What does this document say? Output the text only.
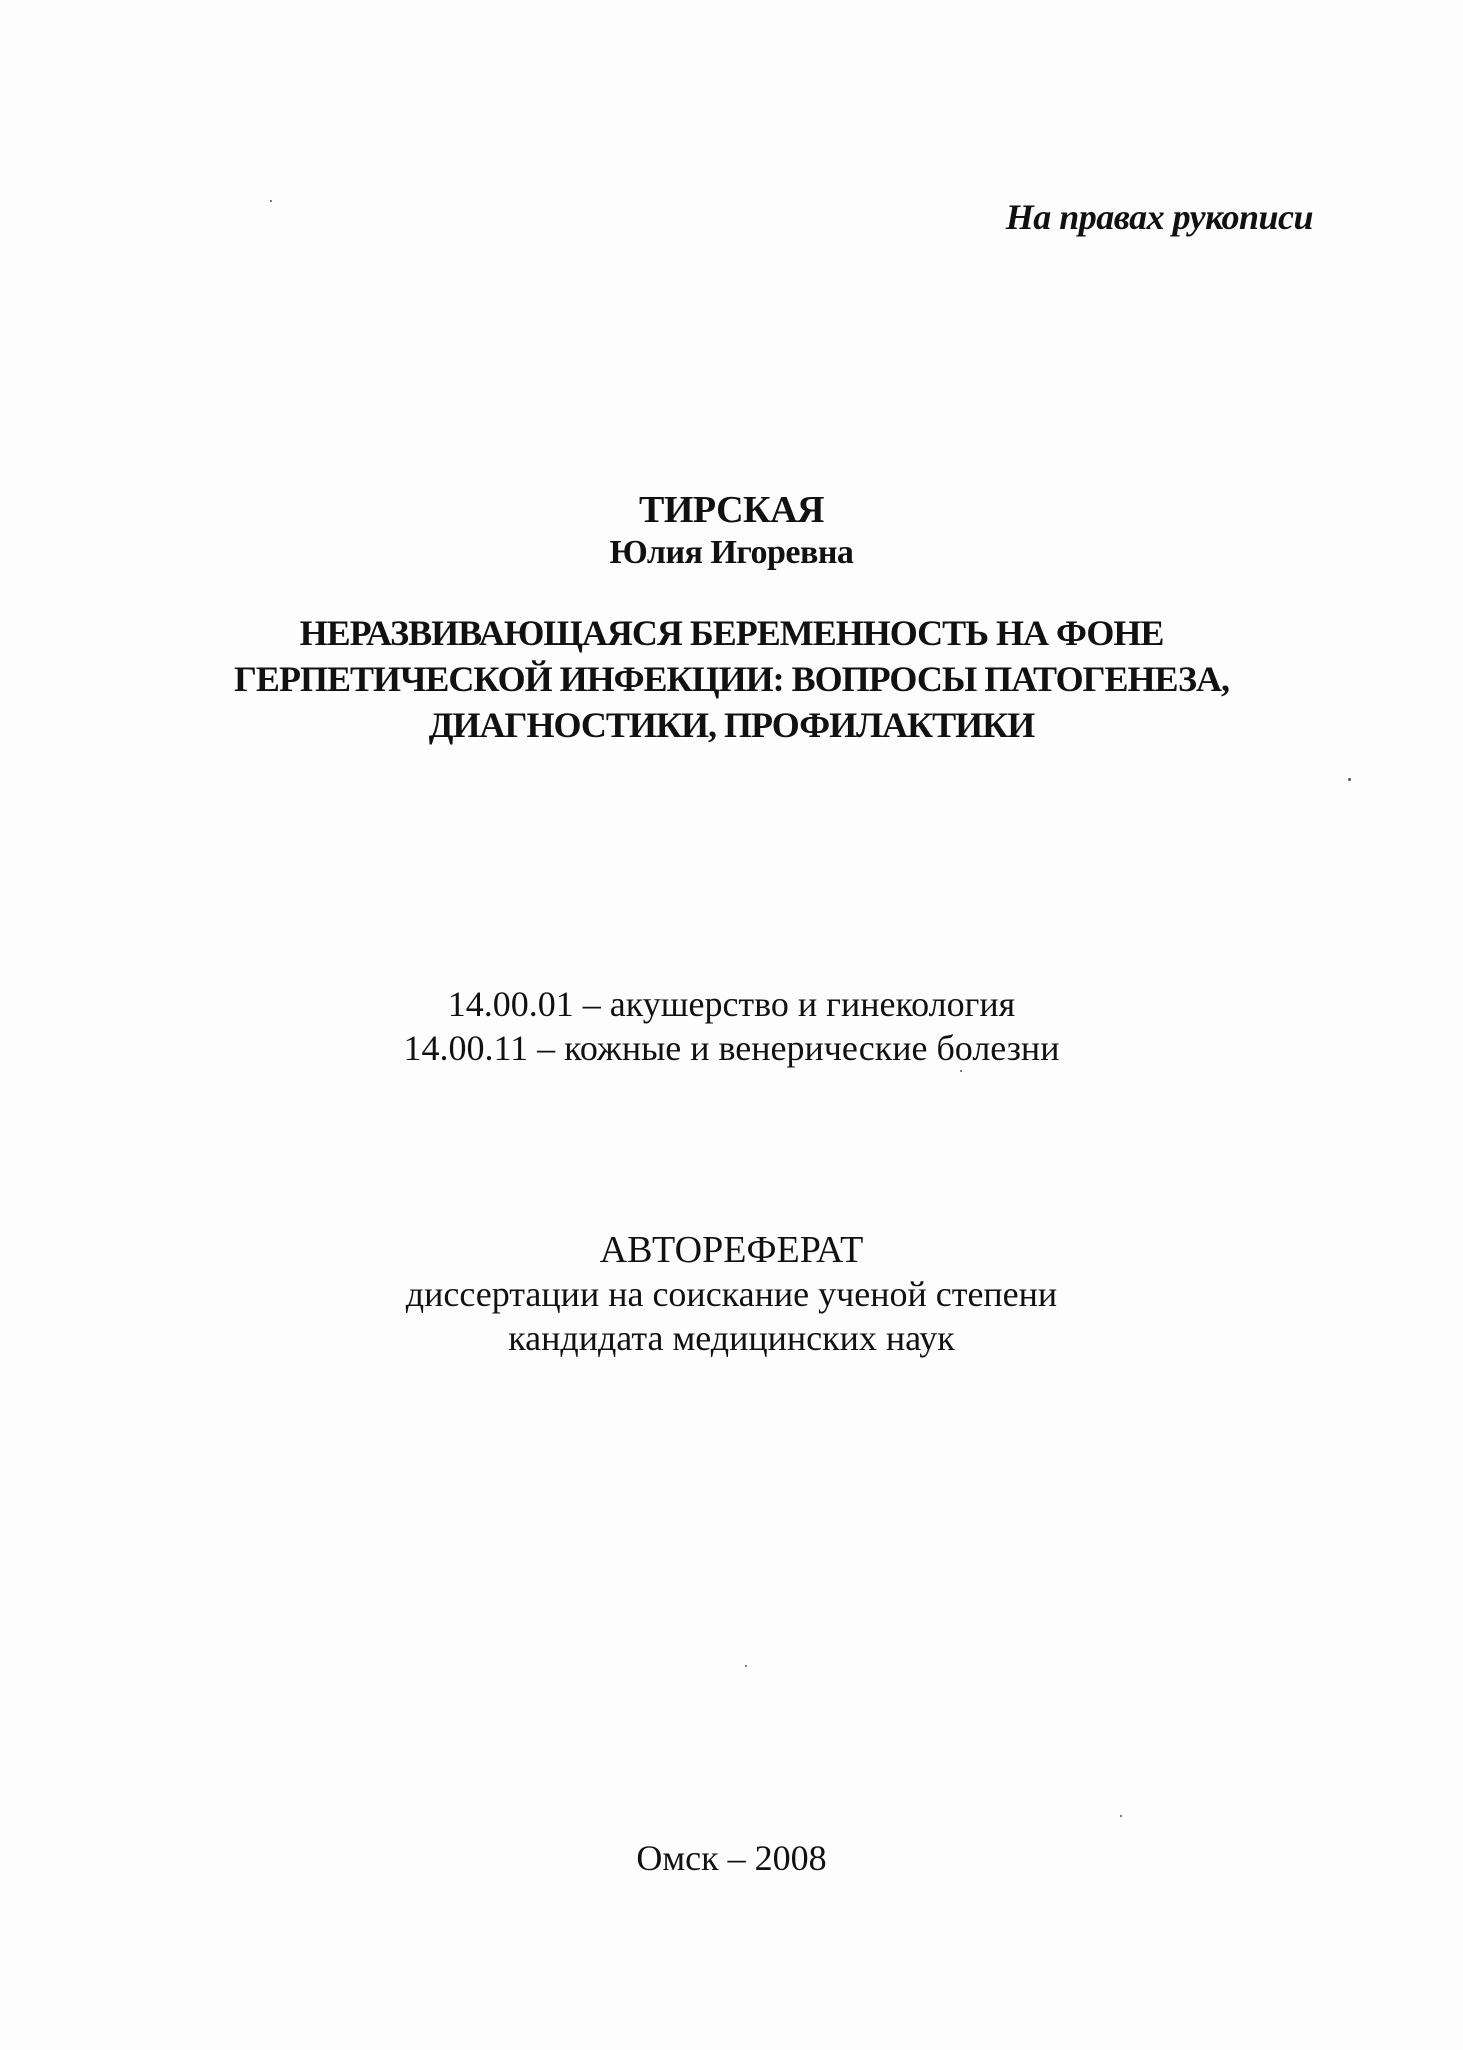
На правах рукописи
ТИРСКАЯ
Юлия Игоревна
НЕРАЗВИВАЮЩАЯСЯ БЕРЕМЕННОСТЬ НА ФОНЕ
ГЕРПЕТИЧЕСКОЙ ИНФЕКЦИИ: ВОПРОСЫ ПАТОГЕНЕЗА,
ДИАГНОСТИКИ, ПРОФИЛАКТИКИ
14.00.01 – акушерство и гинекология
14.00.11 – кожные и венерические болезни
АВТОРЕФЕРАТ
диссертации на соискание ученой степени
кандидата медицинских наук
Омск – 2008
